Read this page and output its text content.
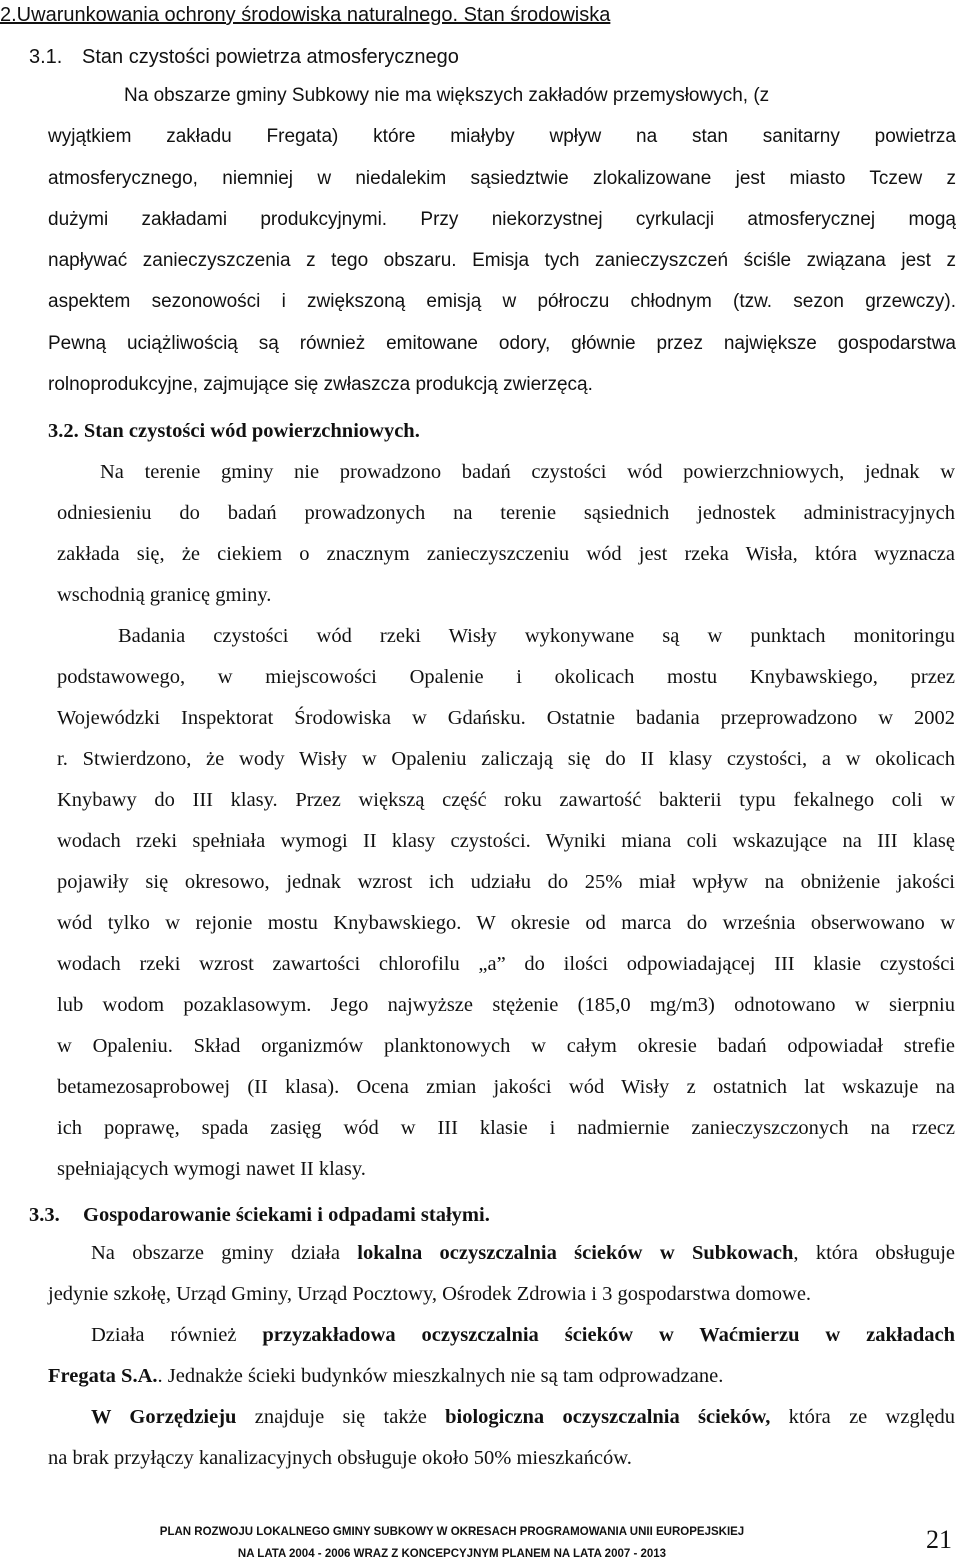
2.Uwarunkowania ochrony środowiska naturalnego. Stan środowiska

3.1. Stan czystości powietrza atmosferycznego

Na obszarze gminy Subkowy nie ma większych zakładów przemysłowych, (z

wyjątkiem zakładu Fregata) które miałyby wpływ na stan sanitarny powietrza

atmosferycznego, niemniej w niedalekim sąsiedztwie zlokalizowane jest miasto Tczew z

dużymi zakładami produkcyjnymi. Przy niekorzystnej cyrkulacji atmosferycznej mogą

napływać zanieczyszczenia z tego obszaru. Emisja tych zanieczyszczeń ściśle związana jest z

aspektem sezonowości i zwiększoną emisją w półroczu chłodnym (tzw. sezon grzewczy).

Pewną uciążliwością są również emitowane odory, głównie przez największe gospodarstwa

rolnoprodukcyjne, zajmujące się zwłaszcza produkcją zwierzęcą.

3.2. Stan czystości wód powierzchniowych.

Na terenie gminy nie prowadzono badań czystości wód powierzchniowych, jednak w

odniesieniu do badań prowadzonych na terenie sąsiednich jednostek administracyjnych

zakłada się, że ciekiem o znacznym zanieczyszczeniu wód jest rzeka Wisła, która wyznacza

wschodnią granicę gminy.

Badania czystości wód rzeki Wisły wykonywane są w punktach monitoringu

podstawowego, w miejscowości Opalenie i okolicach mostu Knybawskiego, przez

Wojewódzki Inspektorat Środowiska w Gdańsku. Ostatnie badania przeprowadzono w 2002

r. Stwierdzono, że wody Wisły w Opaleniu zaliczają się do II klasy czystości, a w okolicach

Knybawy do III klasy. Przez większą część roku zawartość bakterii typu fekalnego coli w

wodach rzeki spełniała wymogi II klasy czystości. Wyniki miana coli wskazujące na III klasę

pojawiły się okresowo, jednak wzrost ich udziału do 25% miał wpływ na obniżenie jakości

wód tylko w rejonie mostu Knybawskiego. W okresie od marca do września obserwowano w

wodach rzeki wzrost zawartości chlorofilu „a” do ilości odpowiadającej III klasie czystości

lub wodom pozaklasowym. Jego najwyższe stężenie (185,0 mg/m3) odnotowano w sierpniu

w Opaleniu. Skład organizmów planktonowych w całym okresie badań odpowiadał strefie

betamezosaprobowej (II klasa). Ocena zmian jakości wód Wisły z ostatnich lat wskazuje na

ich poprawę, spada zasięg wód w III klasie i nadmiernie zanieczyszczonych na rzecz

spełniających wymogi nawet II klasy.

3.3. Gospodarowanie ściekami i odpadami stałymi.

Na obszarze gminy działa lokalna oczyszczalnia ścieków w Subkowach, która obsługuje

jedynie szkołę, Urząd Gminy, Urząd Pocztowy, Ośrodek Zdrowia i 3 gospodarstwa domowe.

Działa również przyzakładowa oczyszczalnia ścieków w Waćmierzu w zakładach

Fregata S.A.. Jednakże ścieki budynków mieszkalnych nie są tam odprowadzane.

W Gorzędzieju znajduje się także biologiczna oczyszczalnia ścieków, która ze względu

na brak przyłączy kanalizacyjnych obsługuje około 50% mieszkańców.

PLAN ROZWOJU LOKALNEGO GMINY SUBKOWY W OKRESACH PROGRAMOWANIA UNII EUROPEJSKIEJ

NA LATA 2004 - 2006 WRAZ Z KONCEPCYJNYM PLANEM NA LATA 2007 - 2013	21
